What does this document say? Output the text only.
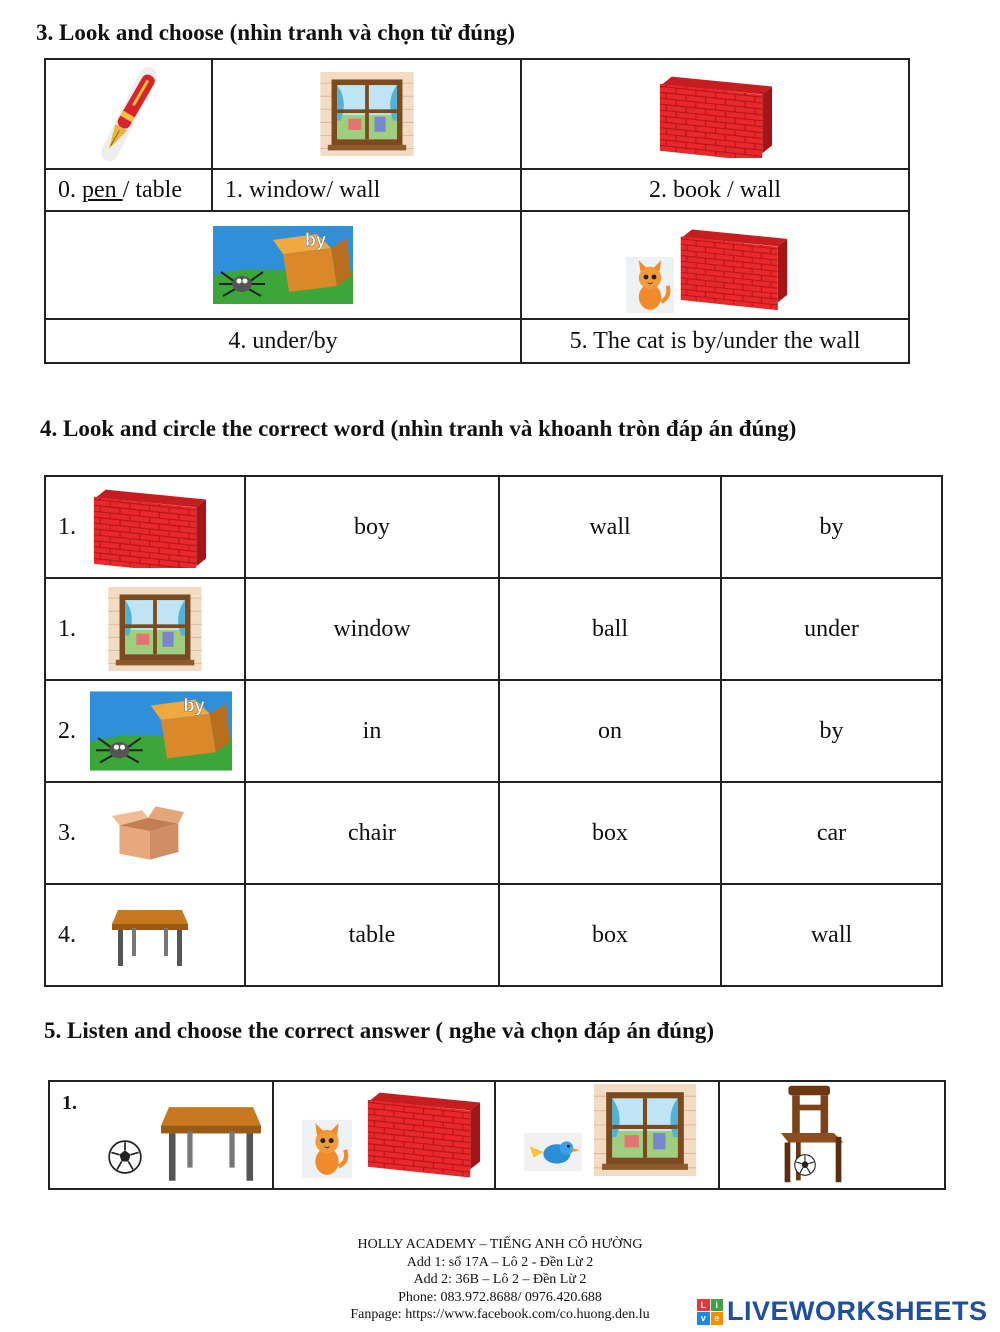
3. Look and choose (nhìn tranh và chọn từ đúng)

0. pen / table	1. window/ wall	2. book / wall

4. under/by		5. The cat is by/under the wall
4. Look and circle the correct word (nhìn tranh và khoanh tròn đáp án đúng)
1.	boy	wall	by

1.	window	ball	under

2.	in	on	by

3.	chair	box	car

4.	table	box	wall
5. Listen and choose the correct answer ( nghe và chọn đáp án đúng)
1.
HOLLY ACADEMY – TIẾNG ANH CÔ HƯỜNG
Add 1: số 17A – Lô 2 - Đền Lừ 2
Add 2: 36B – Lô 2 – Đền Lừ 2
Phone: 083.972.8688/ 0976.420.688
Fanpage: https://www.facebook.com/co.huong.den.lu
L	i
v e LIVEWORKSHEETS
